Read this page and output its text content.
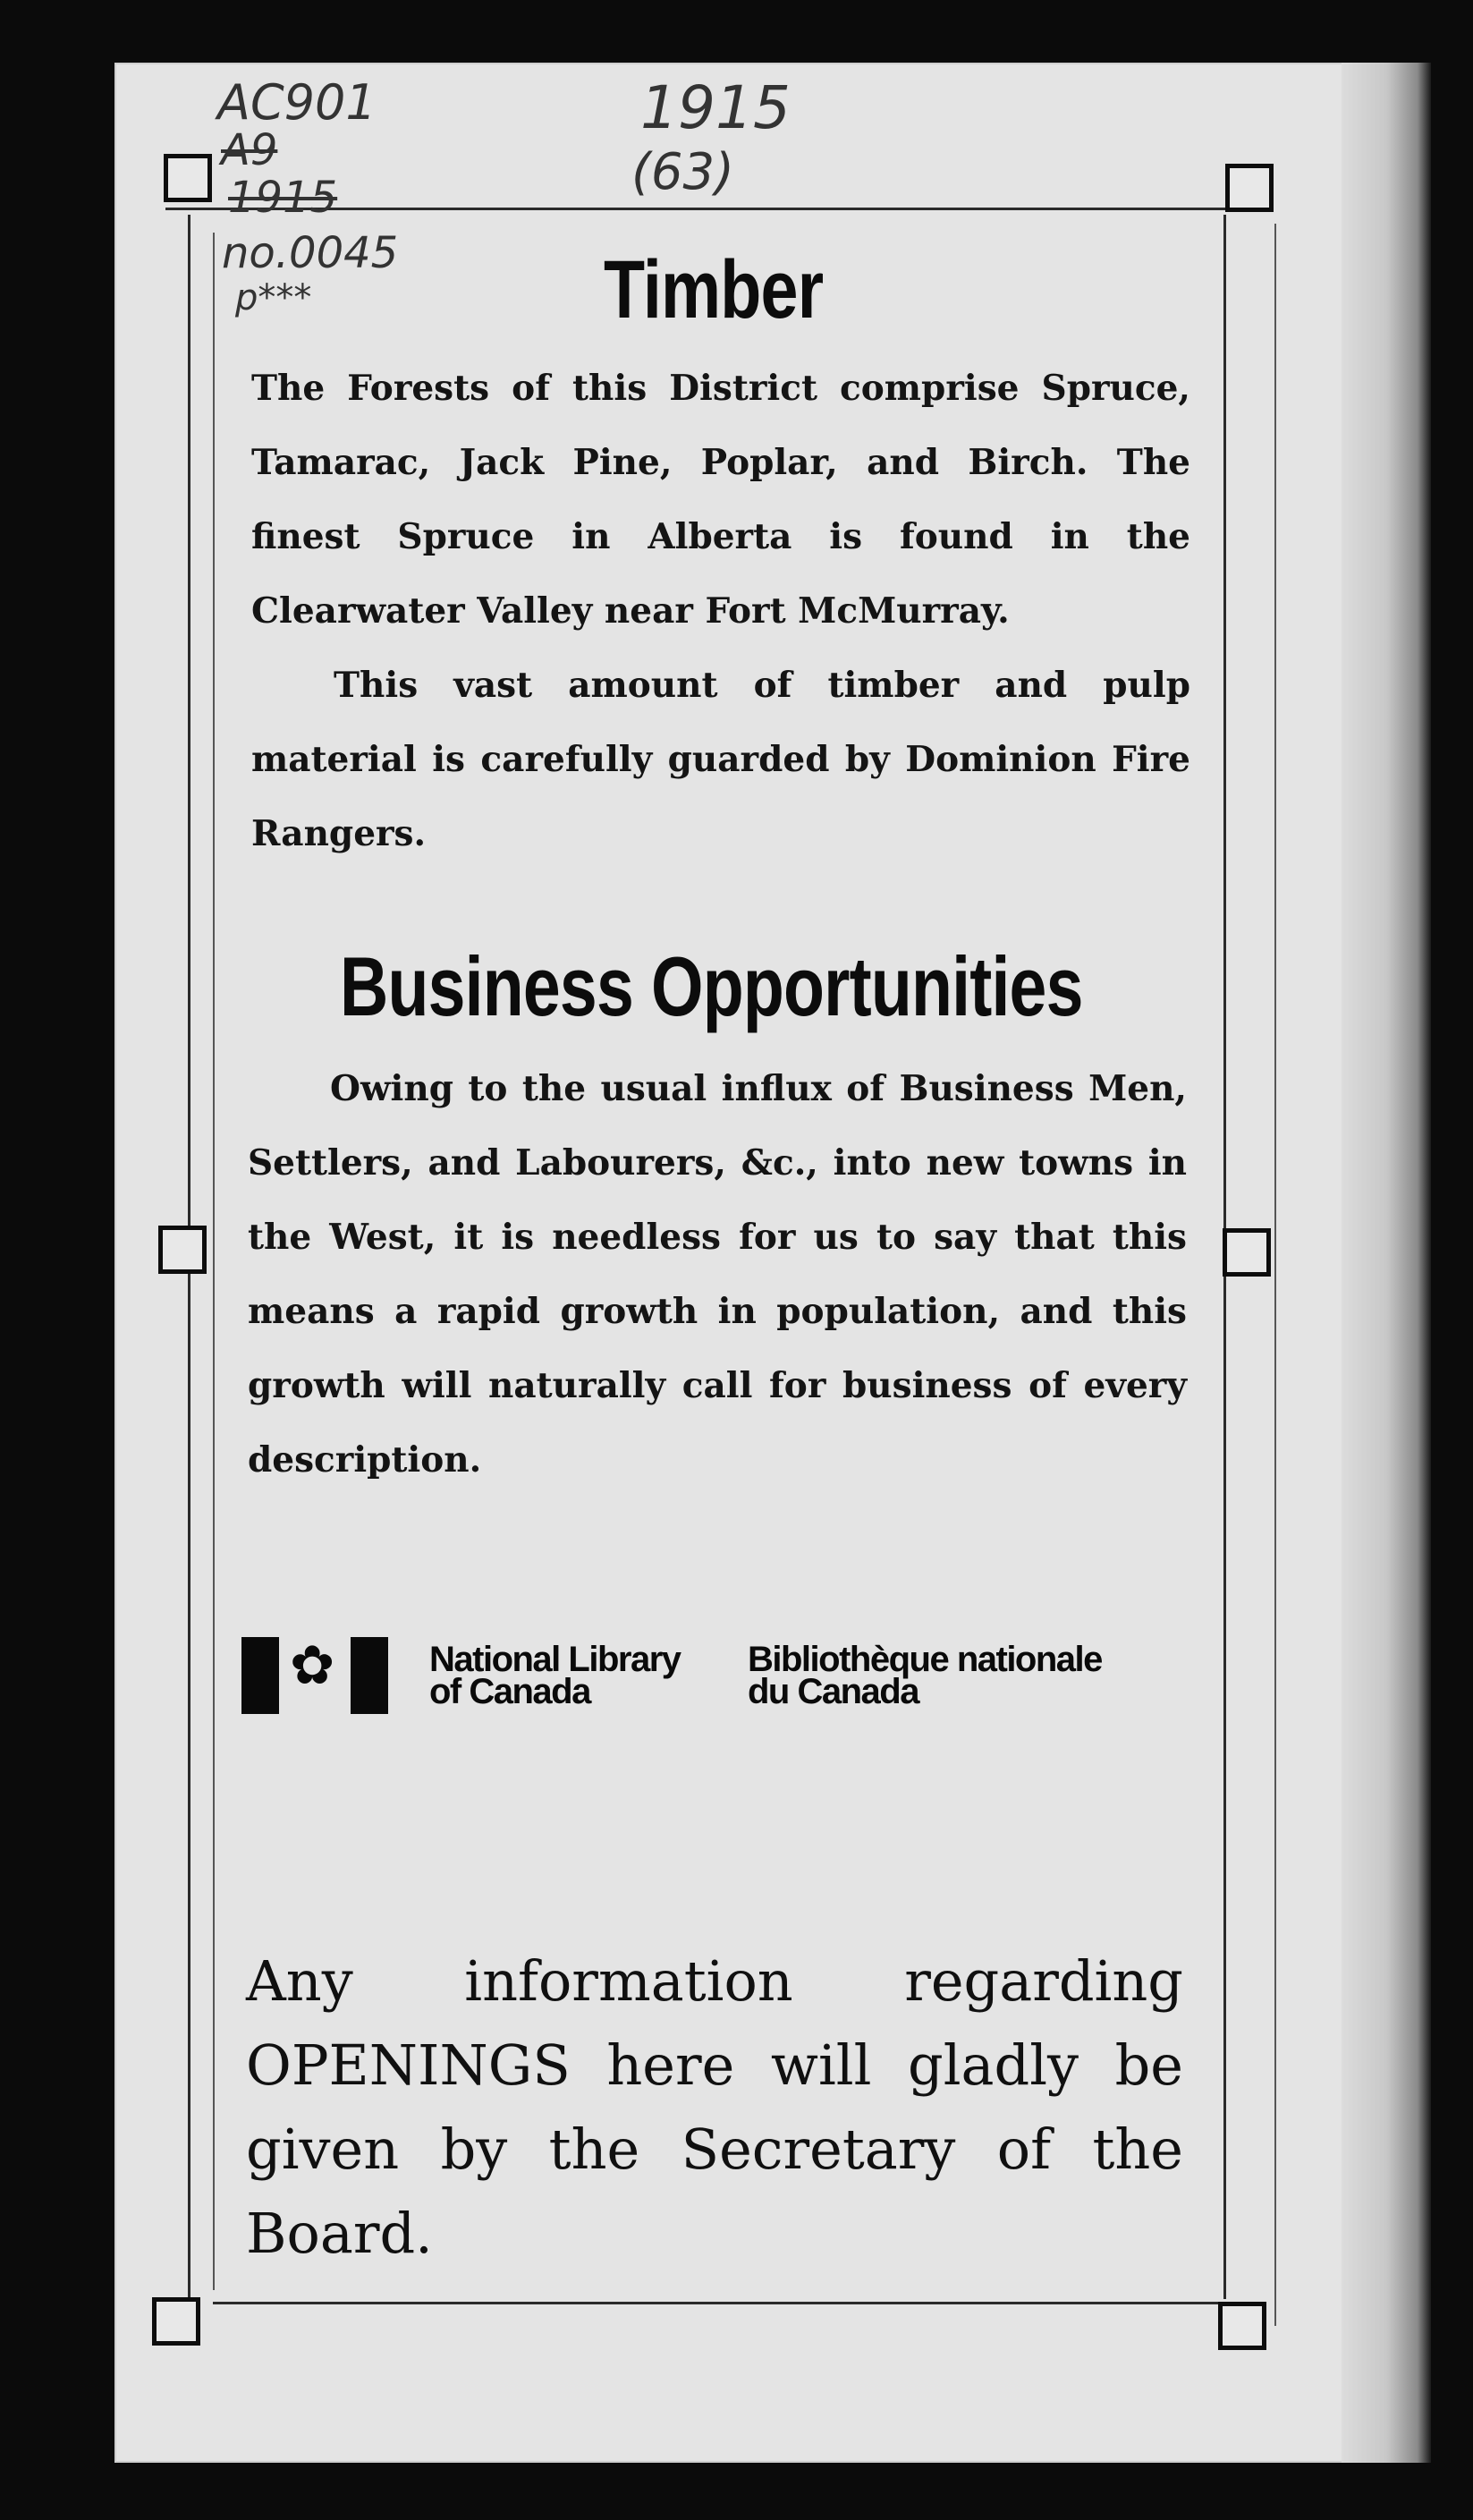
AC901
A9
1915
no.0045
p***
1915
(63)
Timber

The Forests of this District comprise Spruce, Tamarac, Jack Pine, Poplar, and Birch. The finest Spruce in Alberta is found in the Clearwater Valley near Fort McMurray.

This vast amount of timber and pulp material is carefully guarded by Dominion Fire Rangers.

Business Opportunities
Owing to the usual influx of Business Men, Settlers, and Labourers, &c., into new towns in the West, it is needless for us to say that this means a rapid growth in population, and this growth will naturally call for business of every description.
✿	National Library
of Canada
Bibliothèque nationale
du Canada
Any information regarding OPENINGS here will gladly be given by the Secretary of the Board.
